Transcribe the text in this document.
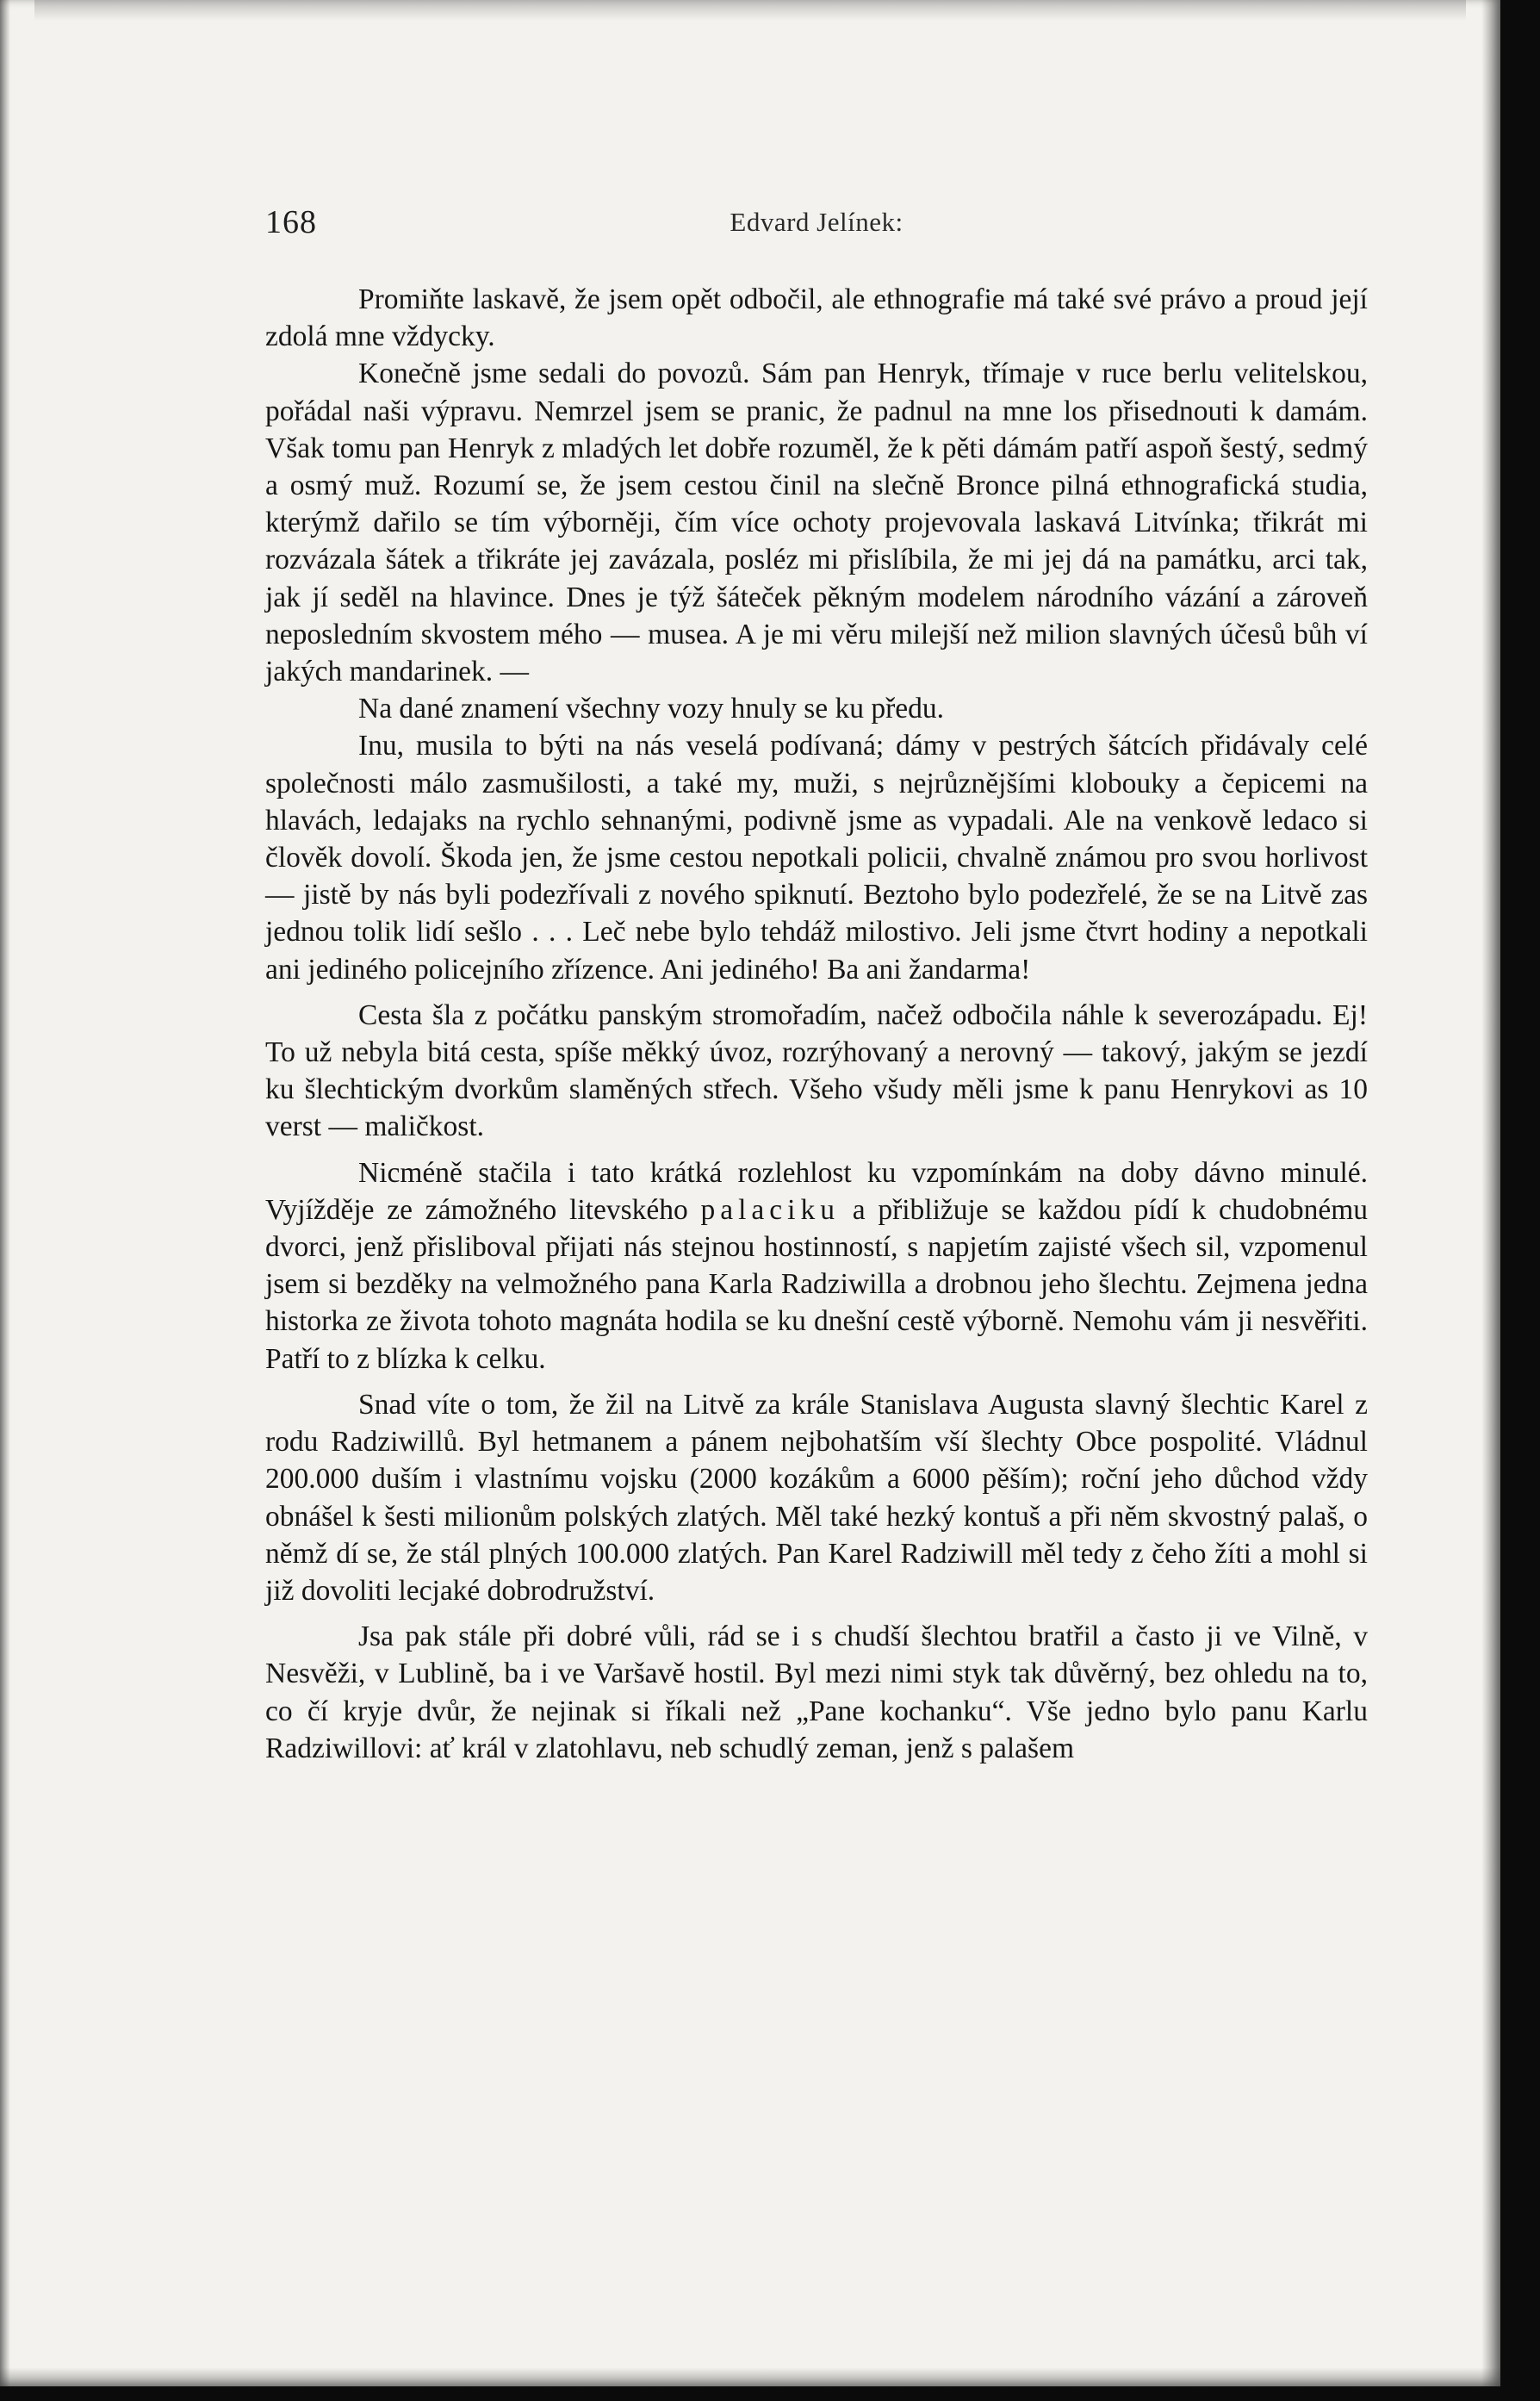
168	Edvard Jelínek:

Promiňte laskavě, že jsem opět odbočil, ale ethnografie má také své právo a proud její zdolá mne vždycky.

Konečně jsme sedali do povozů. Sám pan Henryk, třímaje v ruce berlu velitelskou, pořádal naši výpravu. Nemrzel jsem se pranic, že padnul na mne los přisednouti k damám. Však tomu pan Henryk z mladých let dobře rozuměl, že k pěti dámám patří aspoň šestý, sedmý a osmý muž. Rozumí se, že jsem cestou činil na slečně Bronce pilná ethnografická studia, kterýmž dařilo se tím výborněji, čím více ochoty projevovala laskavá Litvínka; třikrát mi rozvázala šátek a třikráte jej zavázala, posléz mi přislíbila, že mi jej dá na památku, arci tak, jak jí seděl na hlavince. Dnes je týž šáteček pěkným modelem národního vázání a zároveň neposledním skvostem mého — musea. A je mi věru milejší než milion slavných účesů bůh ví jakých mandarinek. —

Na dané znamení všechny vozy hnuly se ku předu.

Inu, musila to býti na nás veselá podívaná; dámy v pestrých šátcích přidávaly celé společnosti málo zasmušilosti, a také my, muži, s nejrůznějšími klobouky a čepicemi na hlavách, ledajaks na rychlo sehnanými, podivně jsme as vypadali. Ale na venkově ledaco si člověk dovolí. Škoda jen, že jsme cestou nepotkali policii, chvalně známou pro svou horlivost — jistě by nás byli podezřívali z nového spiknutí. Beztoho bylo podezřelé, že se na Litvě zas jednou tolik lidí sešlo . . . Leč nebe bylo tehdáž milostivo. Jeli jsme čtvrt hodiny a nepotkali ani jediného policejního zřízence. Ani jediného! Ba ani žandarma!

Cesta šla z počátku panským stromořadím, načež odbočila náhle k severozápadu. Ej! To už nebyla bitá cesta, spíše měkký úvoz, rozrýhovaný a nerovný — takový, jakým se jezdí ku šlechtickým dvorkům slaměných střech. Všeho všudy měli jsme k panu Henrykovi as 10 verst — maličkost.

Nicméně stačila i tato krátká rozlehlost ku vzpomínkám na doby dávno minulé. Vyjížděje ze zámožného litevského palaciku a přibližuje se každou pídí k chudobnému dvorci, jenž přisliboval přijati nás stejnou hostinností, s napjetím zajisté všech sil, vzpomenul jsem si bezděky na velmožného pana Karla Radziwilla a drobnou jeho šlechtu. Zejmena jedna historka ze života tohoto magnáta hodila se ku dnešní cestě výborně. Nemohu vám ji nesvěřiti. Patří to z blízka k celku.

Snad víte o tom, že žil na Litvě za krále Stanislava Augusta slavný šlechtic Karel z rodu Radziwillů. Byl hetmanem a pánem nejbohatším vší šlechty Obce pospolité. Vládnul 200.000 duším i vlastnímu vojsku (2000 kozákům a 6000 pěším); roční jeho důchod vždy obnášel k šesti milionům polských zlatých. Měl také hezký kontuš a při něm skvostný palaš, o němž dí se, že stál plných 100.000 zlatých. Pan Karel Radziwill měl tedy z čeho žíti a mohl si již dovoliti lecjaké dobrodružství.

Jsa pak stále při dobré vůli, rád se i s chudší šlechtou bratřil a často ji ve Vilně, v Nesvěži, v Lublině, ba i ve Varšavě hostil. Byl mezi nimi styk tak důvěrný, bez ohledu na to, co čí kryje dvůr, že nejinak si říkali než „Pane kochanku“. Vše jedno bylo panu Karlu Radziwillovi: ať král v zlatohlavu, neb schudlý zeman, jenž s palašem
